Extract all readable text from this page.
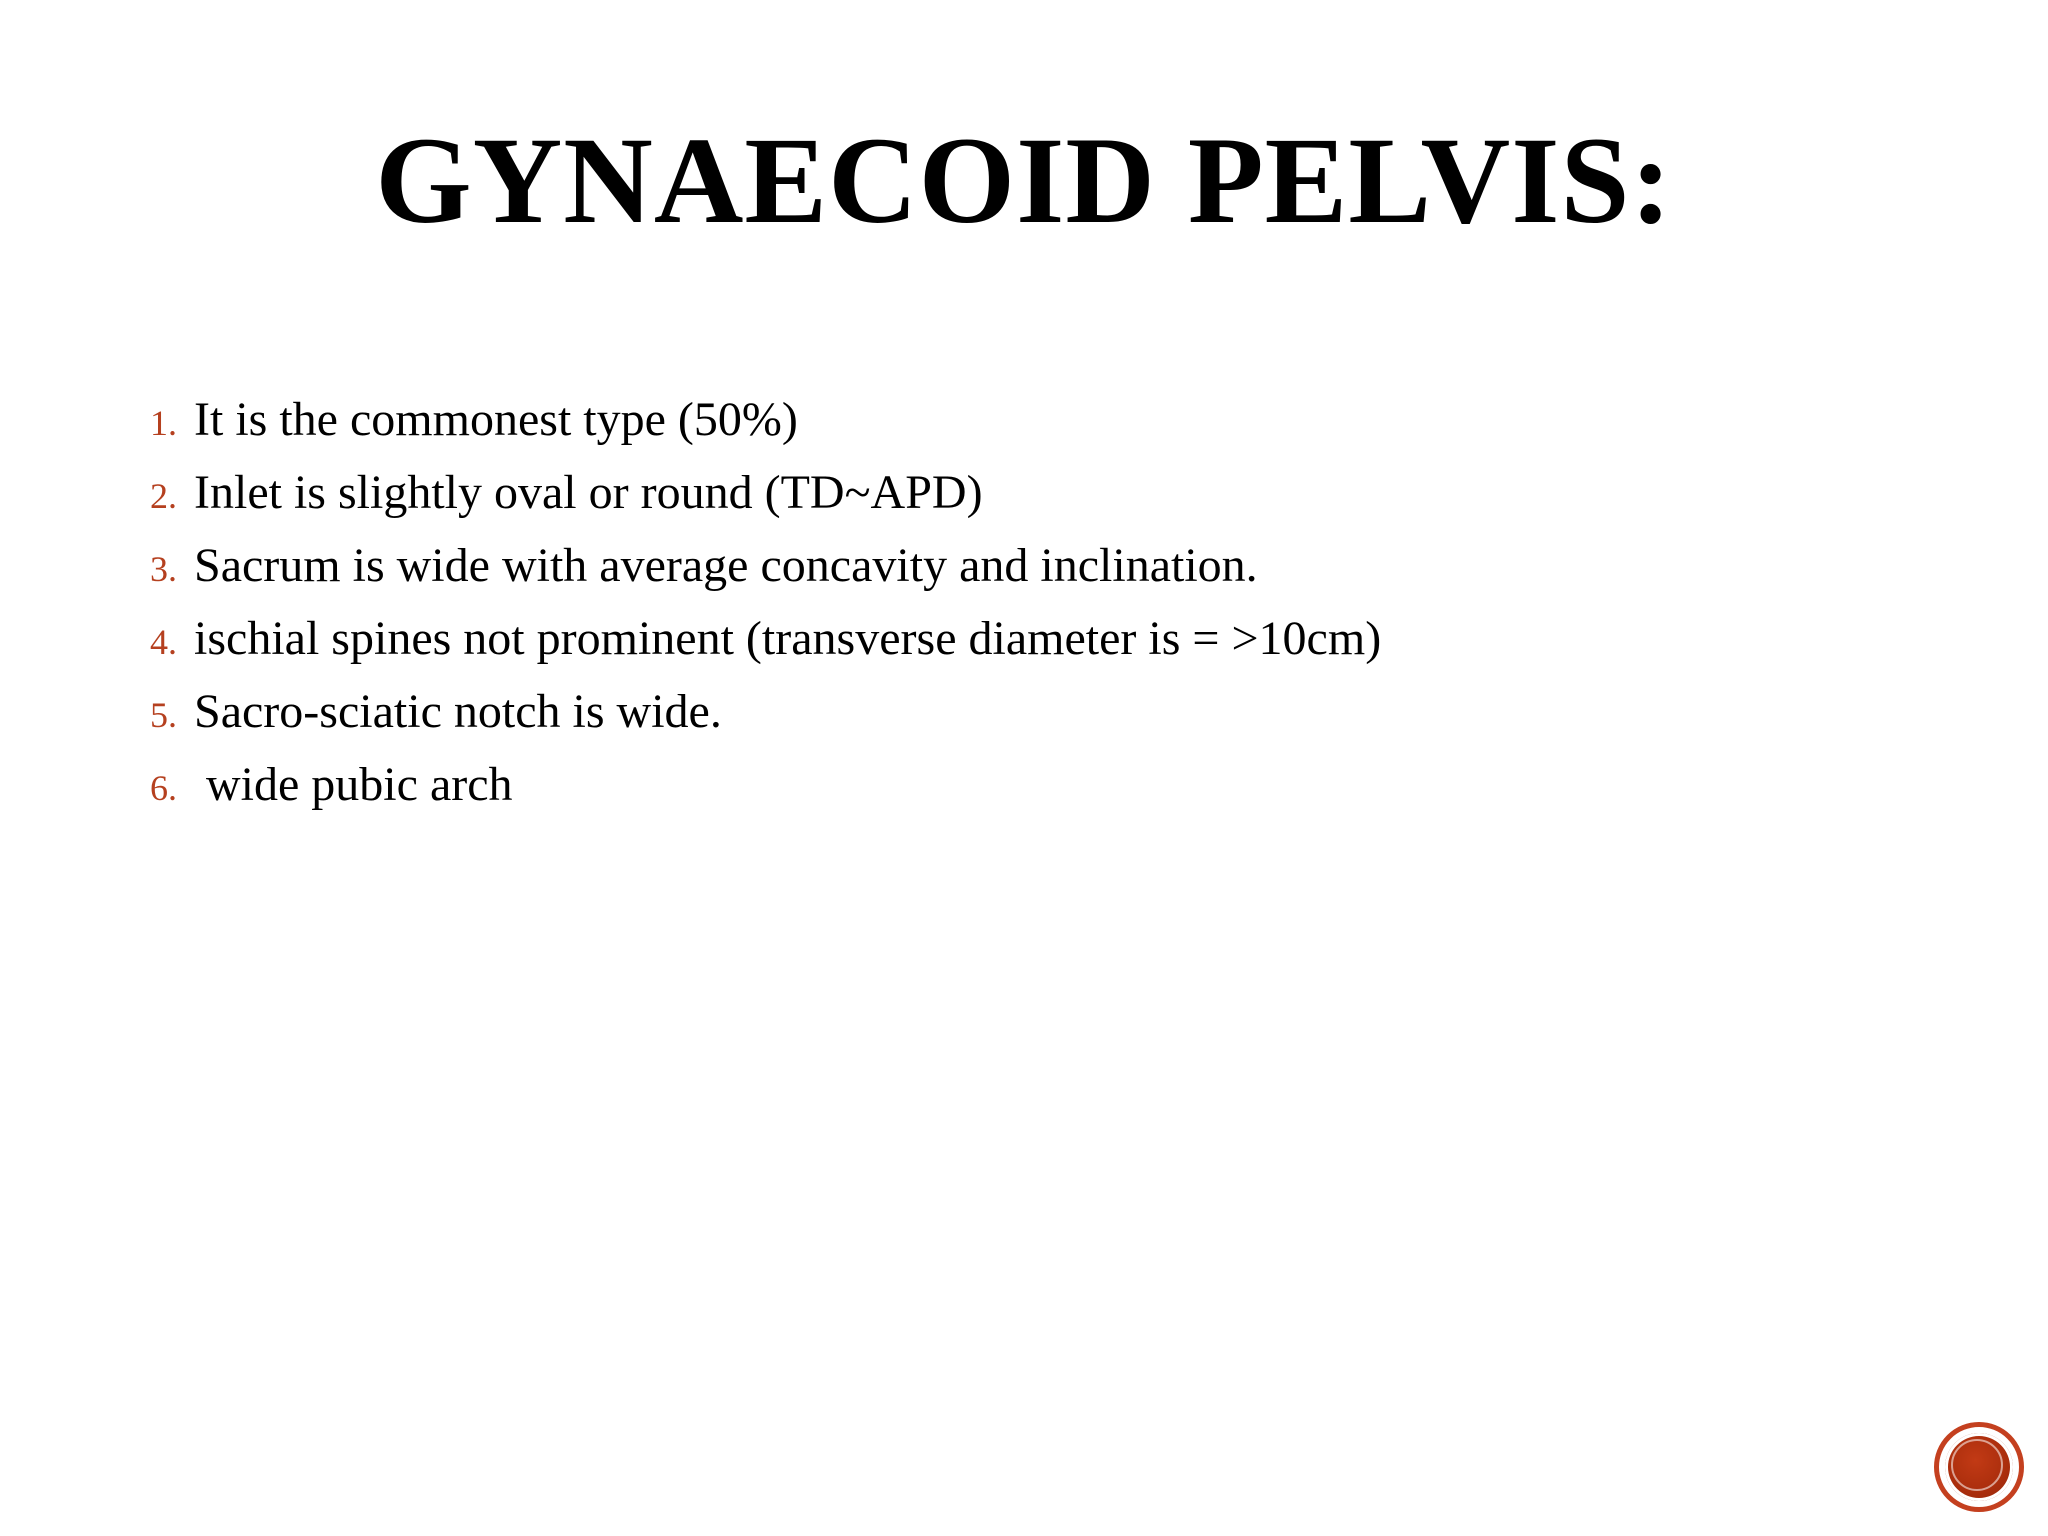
GYNAECOID PELVIS:
1. It is the commonest type (50%)
2. Inlet is slightly oval or round (TD~APD)
3. Sacrum is wide with average concavity and inclination.
4. ischial spines not prominent (transverse diameter is = >10cm)
5. Sacro-sciatic notch is wide.
6. wide pubic arch
